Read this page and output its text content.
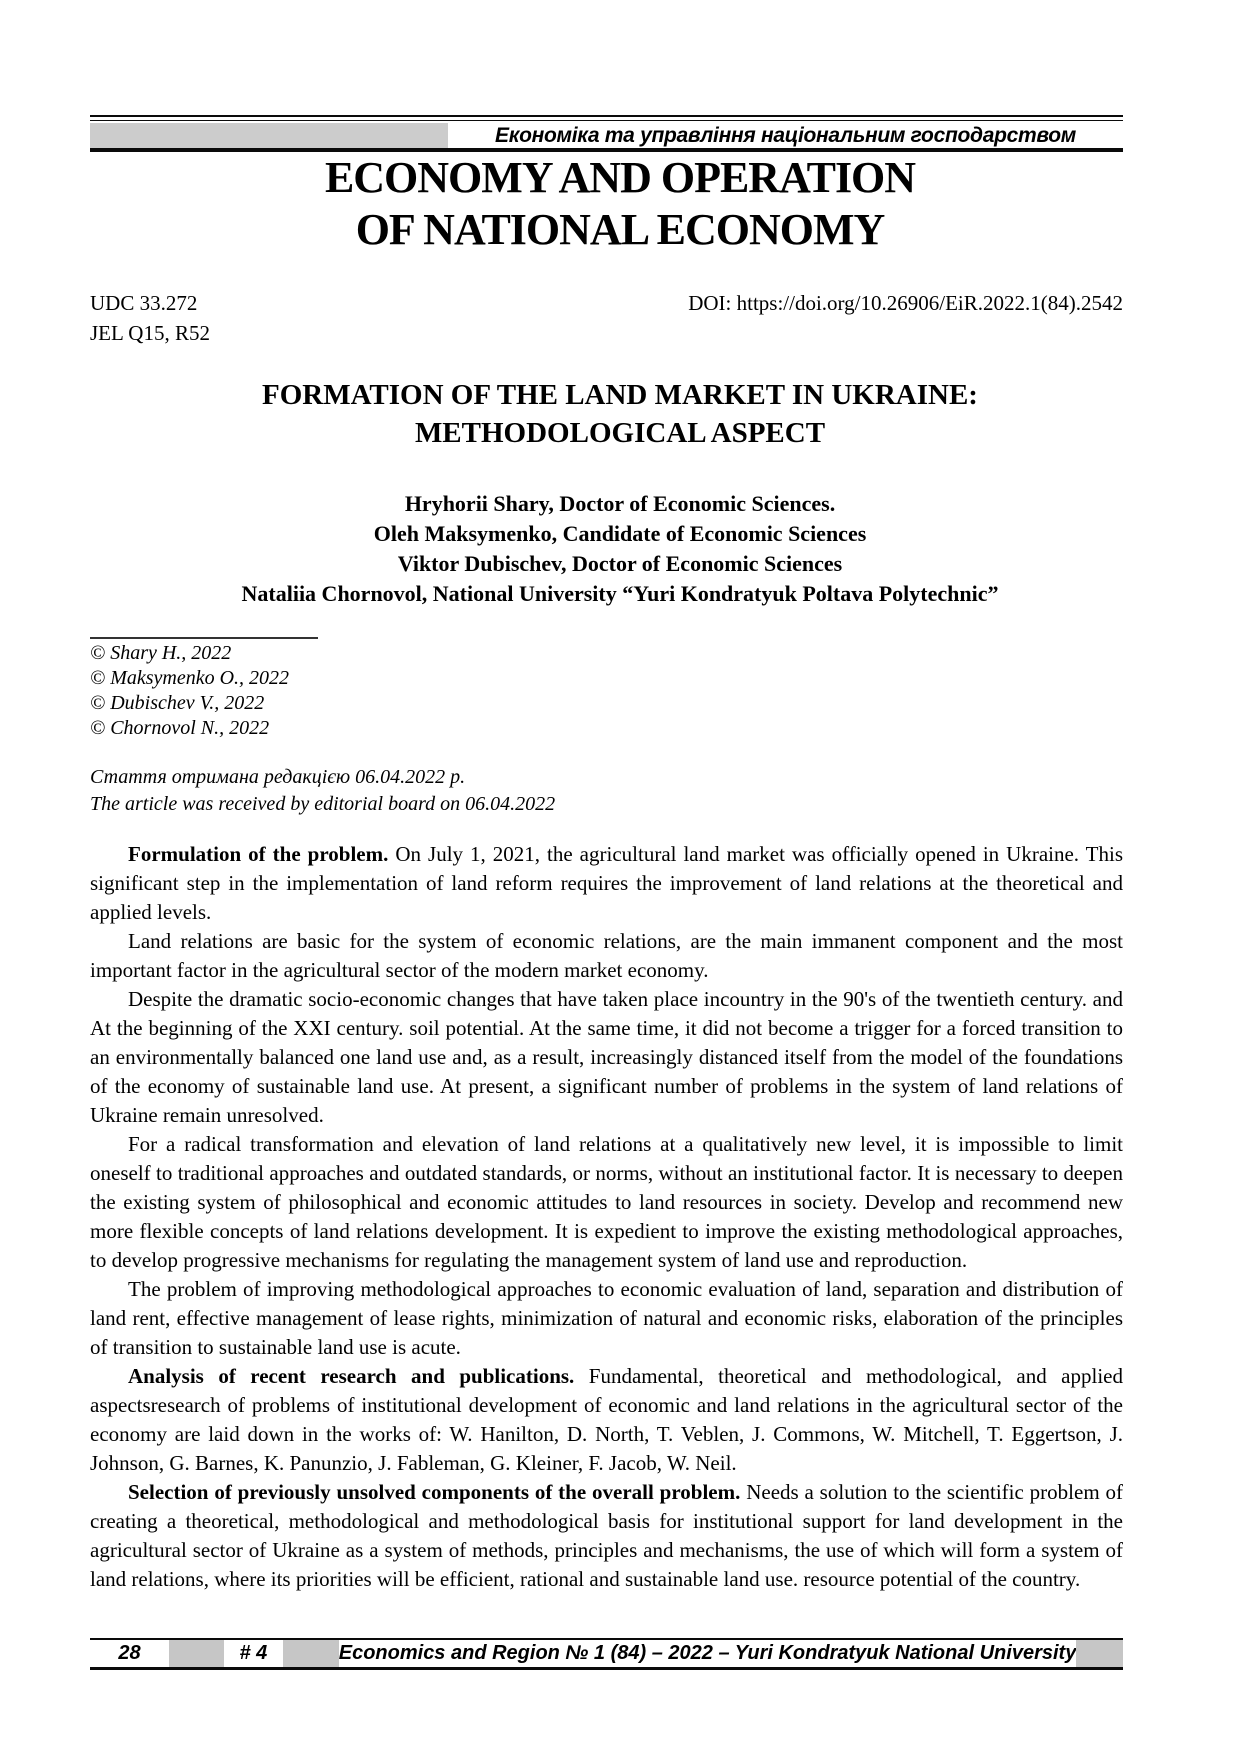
Економіка та управління національним господарством
ECONOMY AND OPERATION
OF NATIONAL ECONOMY
UDC 33.272
JEL Q15, R52
DOI: https://doi.org/10.26906/EiR.2022.1(84).2542
FORMATION OF THE LAND MARKET IN UKRAINE:
METHODOLOGICAL ASPECT
Hryhorii Shary, Doctor of Economic Sciences.
Oleh Maksymenko, Candidate of Economic Sciences
Viktor Dubischev, Doctor of Economic Sciences
Nataliia Chornovol, National University “Yuri Kondratyuk Poltava Polytechnic”
© Shary H., 2022
© Maksymenko O., 2022
© Dubischev V., 2022
© Chornovol N., 2022
Стаття отримана редакцією 06.04.2022 р.
The article was received by editorial board on 06.04.2022

Formulation of the problem. On July 1, 2021, the agricultural land market was officially opened in Ukraine. This significant step in the implementation of land reform requires the improvement of land relations at the theoretical and applied levels.

Land relations are basic for the system of economic relations, are the main immanent component and the most important factor in the agricultural sector of the modern market economy.

Despite the dramatic socio-economic changes that have taken place incountry in the 90's of the twentieth century. and At the beginning of the XXI century. soil potential. At the same time, it did not become a trigger for a forced transition to an environmentally balanced one land use and, as a result, increasingly distanced itself from the model of the foundations of the economy of sustainable land use. At present, a significant number of problems in the system of land relations of Ukraine remain unresolved.

For a radical transformation and elevation of land relations at a qualitatively new level, it is impossible to limit oneself to traditional approaches and outdated standards, or norms, without an institutional factor. It is necessary to deepen the existing system of philosophical and economic attitudes to land resources in society. Develop and recommend new more flexible concepts of land relations development. It is expedient to improve the existing methodological approaches, to develop progressive mechanisms for regulating the management system of land use and reproduction.

The problem of improving methodological approaches to economic evaluation of land, separation and distribution of land rent, effective management of lease rights, minimization of natural and economic risks, elaboration of the principles of transition to sustainable land use is acute.

Analysis of recent research and publications. Fundamental, theoretical and methodological, and applied aspectsresearch of problems of institutional development of economic and land relations in the agricultural sector of the economy are laid down in the works of: W. Hanilton, D. North, T. Veblen, J. Commons, W. Mitchell, T. Eggertson, J. Johnson, G. Barnes, K. Panunzio, J. Fableman, G. Kleiner, F. Jacob, W. Neil.

Selection of previously unsolved components of the overall problem. Needs a solution to the scientific problem of creating a theoretical, methodological and methodological basis for institutional support for land development in the agricultural sector of Ukraine as a system of methods, principles and mechanisms, the use of which will form a system of land relations, where its priorities will be efficient, rational and sustainable land use. resource potential of the country.

28	# 4	Economics and Region № 1 (84) – 2022 – Yuri Kondratyuk National University
